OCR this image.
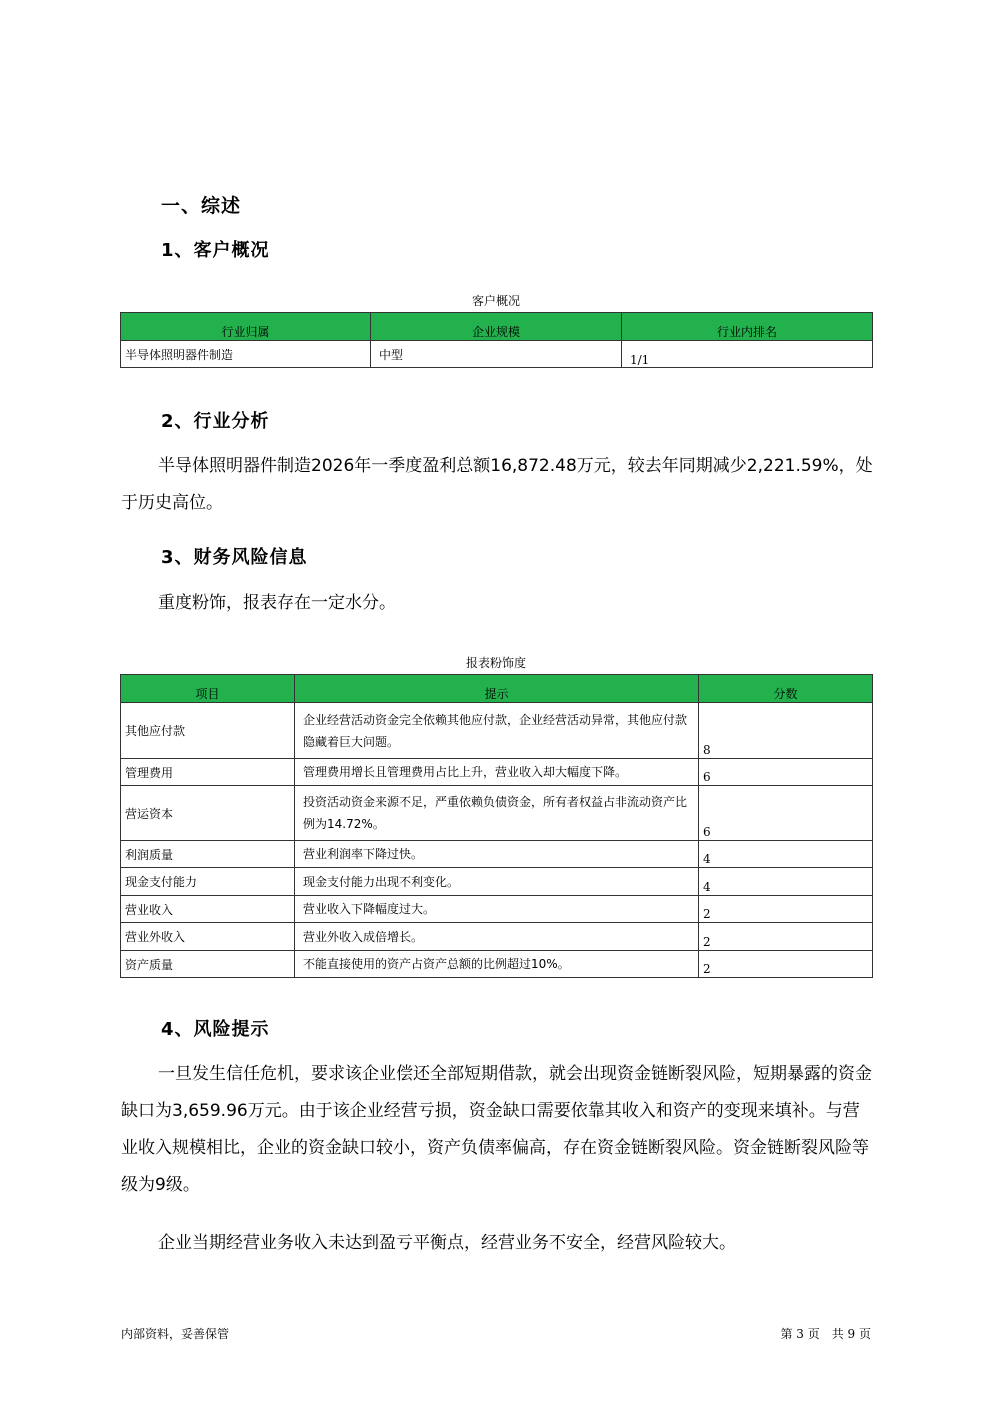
一、综述
1、客户概况
客户概况
行业归属	企业规模	行业内排名
半导体照明器件制造	中型	1/1
2、行业分析

半导体照明器件制造2026年一季度盈利总额16,872.48万元，较去年同期减少2,221.59%，处于历史高位。

3、财务风险信息

重度粉饰，报表存在一定水分。

报表粉饰度
项目	提示	分数
其他应付款	企业经营活动资金完全依赖其他应付款，企业经营活动异常，其他应付款隐藏着巨大问题。	8
管理费用	管理费用增长且管理费用占比上升，营业收入却大幅度下降。	6
营运资本	投资活动资金来源不足，严重依赖负债资金，所有者权益占非流动资产比例为14.72%。	6
利润质量	营业利润率下降过快。	4
现金支付能力	现金支付能力出现不利变化。	4
营业收入	营业收入下降幅度过大。	2
营业外收入	营业外收入成倍增长。	2
资产质量	不能直接使用的资产占资产总额的比例超过10%。	2
4、风险提示

一旦发生信任危机，要求该企业偿还全部短期借款，就会出现资金链断裂风险，短期暴露的资金缺口为3,659.96万元。由于该企业经营亏损，资金缺口需要依靠其收入和资产的变现来填补。与营业收入规模相比，企业的资金缺口较小，资产负债率偏高，存在资金链断裂风险。资金链断裂风险等级为9级。

企业当期经营业务收入未达到盈亏平衡点，经营业务不安全，经营风险较大。

内部资料，妥善保管	第 3 页　共 9 页
